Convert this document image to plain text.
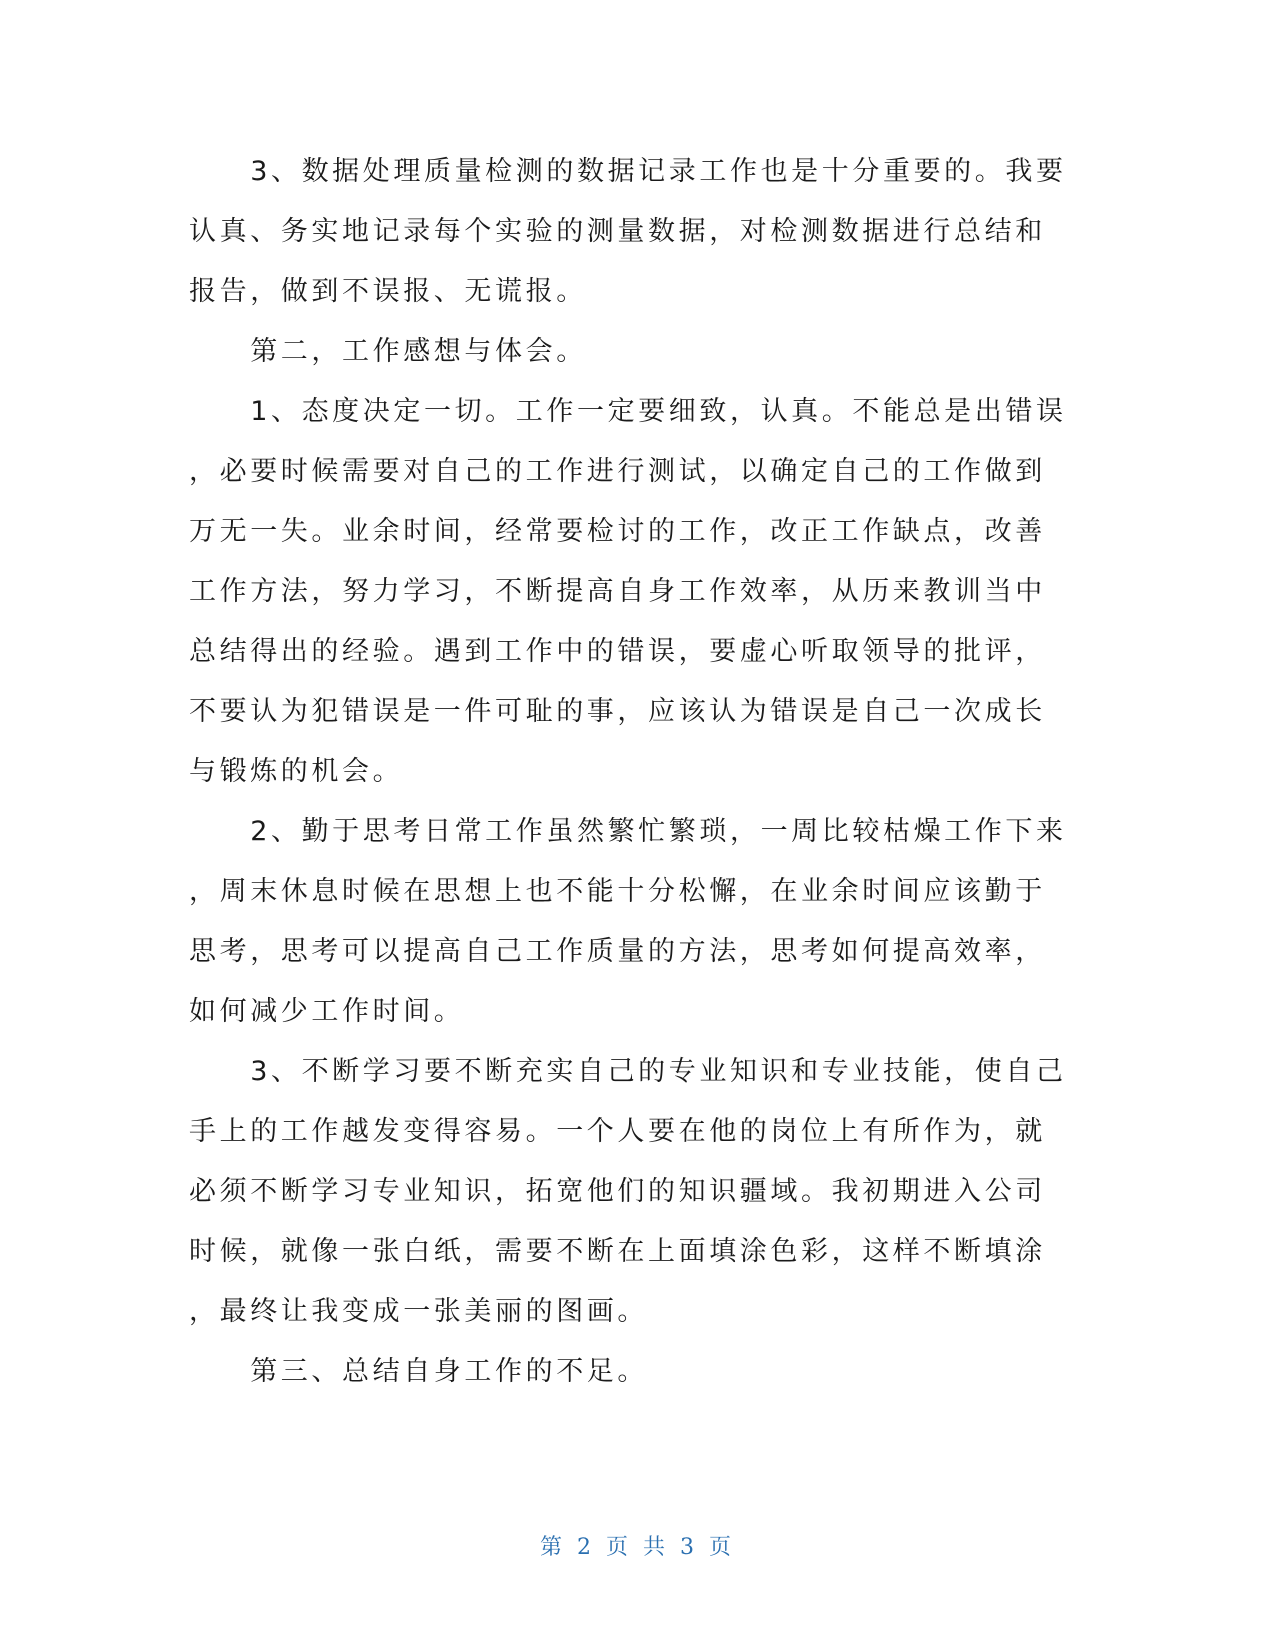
　　3、数据处理质量检测的数据记录工作也是十分重要的。我要
认真、务实地记录每个实验的测量数据，对检测数据进行总结和
报告，做到不误报、无谎报。
　　第二，工作感想与体会。
　　1、态度决定一切。工作一定要细致，认真。不能总是出错误
，必要时候需要对自己的工作进行测试，以确定自己的工作做到
万无一失。业余时间，经常要检讨的工作，改正工作缺点，改善
工作方法，努力学习，不断提高自身工作效率，从历来教训当中
总结得出的经验。遇到工作中的错误，要虚心听取领导的批评，
不要认为犯错误是一件可耻的事，应该认为错误是自己一次成长
与锻炼的机会。
　　2、勤于思考日常工作虽然繁忙繁琐，一周比较枯燥工作下来
，周末休息时候在思想上也不能十分松懈，在业余时间应该勤于
思考，思考可以提高自己工作质量的方法，思考如何提高效率，
如何减少工作时间。
　　3、不断学习要不断充实自己的专业知识和专业技能，使自己
手上的工作越发变得容易。一个人要在他的岗位上有所作为，就
必须不断学习专业知识，拓宽他们的知识疆域。我初期进入公司
时候，就像一张白纸，需要不断在上面填涂色彩，这样不断填涂
，最终让我变成一张美丽的图画。
　　第三、总结自身工作的不足。
第 2 页 共 3 页
